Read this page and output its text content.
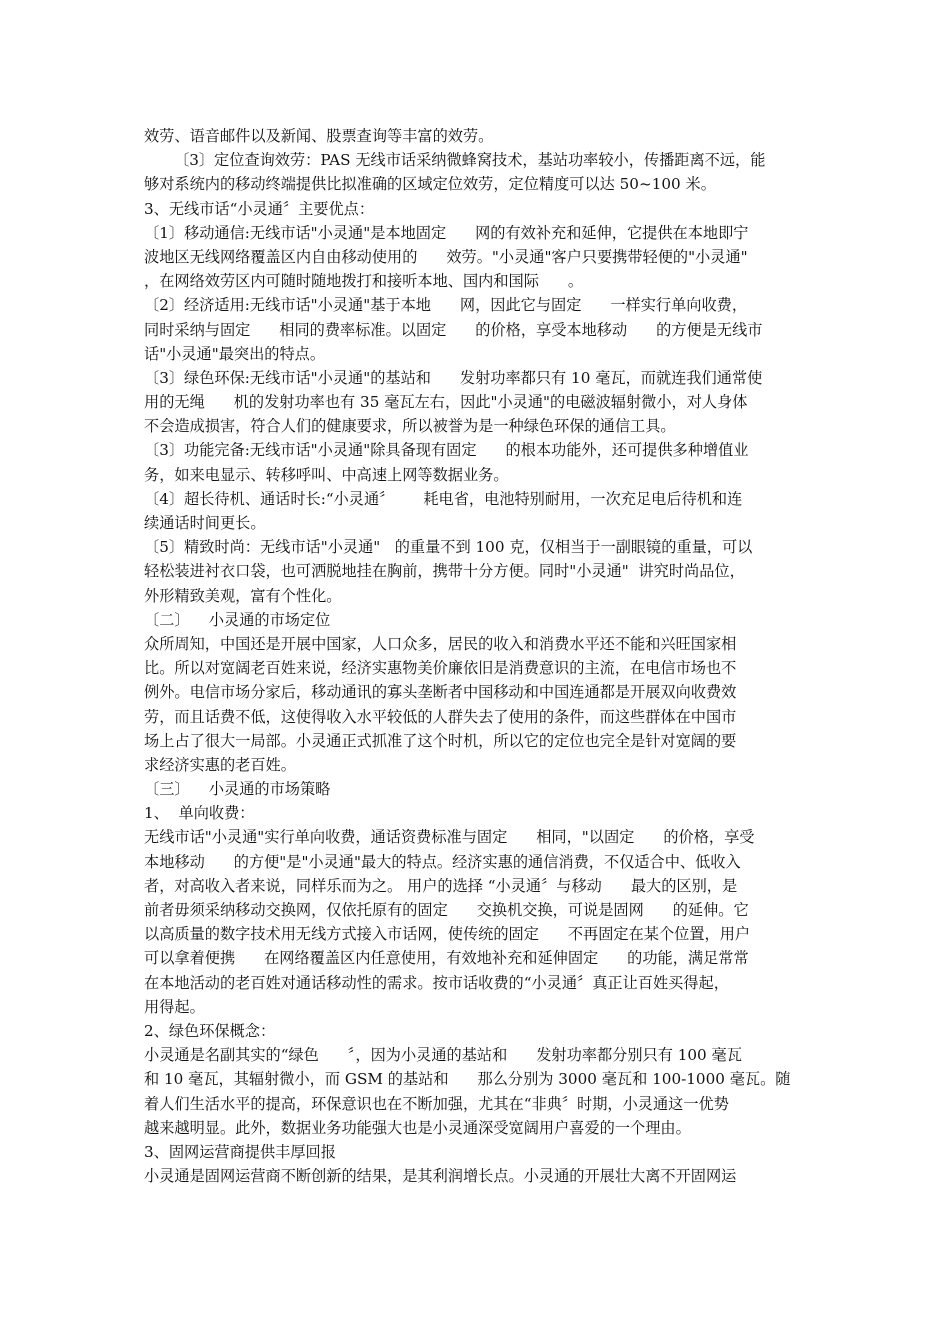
效劳、语音邮件以及新闻、股票查询等丰富的效劳。
〔3〕定位查询效劳：PAS 无线市话采纳微蜂窝技术，基站功率较小，传播距离不远，能
够对系统内的移动终端提供比拟准确的区域定位效劳，定位精度可以达 50~100 米。
3、无线市话“小灵通〞主要优点：
〔1〕移动通信:无线市话"小灵通"是本地固定      网的有效补充和延伸，它提供在本地即宁
波地区无线网络覆盖区内自由移动使用的      效劳。"小灵通"客户只要携带轻便的"小灵通"
，在网络效劳区内可随时随地拨打和接听本地、国内和国际      。
〔2〕经济适用:无线市话"小灵通"基于本地      网，因此它与固定      一样实行单向收费，
同时采纳与固定      相同的费率标准。以固定      的价格，享受本地移动      的方便是无线市
话"小灵通"最突出的特点。
〔3〕绿色环保:无线市话"小灵通"的基站和      发射功率都只有 10 毫瓦，而就连我们通常使
用的无绳      机的发射功率也有 35 毫瓦左右，因此"小灵通"的电磁波辐射微小，对人身体
不会造成损害，符合人们的健康要求，所以被誉为是一种绿色环保的通信工具。
〔3〕功能完备:无线市话"小灵通"除具备现有固定      的根本功能外，还可提供多种增值业
务，如来电显示、转移呼叫、中高速上网等数据业务。
〔4〕超长待机、通话时长:“小灵通〞      耗电省，电池特别耐用，一次充足电后待机和连
续通话时间更长。
〔5〕精致时尚：无线市话"小灵通"   的重量不到 100 克，仅相当于一副眼镜的重量，可以
轻松装进衬衣口袋，也可洒脱地挂在胸前，携带十分方便。同时"小灵通"  讲究时尚品位，
外形精致美观，富有个性化。
〔二〕    小灵通的市场定位
众所周知，中国还是开展中国家，人口众多，居民的收入和消费水平还不能和兴旺国家相
比。所以对宽阔老百姓来说，经济实惠物美价廉依旧是消费意识的主流，在电信市场也不
例外。电信市场分家后，移动通讯的寡头垄断者中国移动和中国连通都是开展双向收费效
劳，而且话费不低，这使得收入水平较低的人群失去了使用的条件，而这些群体在中国市
场上占了很大一局部。小灵通正式抓准了这个时机，所以它的定位也完全是针对宽阔的要
求经济实惠的老百姓。
〔三〕    小灵通的市场策略
1、  单向收费：
无线市话"小灵通"实行单向收费，通话资费标准与固定      相同，"以固定      的价格，享受
本地移动      的方便"是"小灵通"最大的特点。经济实惠的通信消费，不仅适合中、低收入
者，对高收入者来说，同样乐而为之。 用户的选择 “小灵通〞与移动      最大的区别，是
前者毋须采纳移动交换网，仅依托原有的固定      交换机交换，可说是固网      的延伸。它
以高质量的数字技术用无线方式接入市话网，使传统的固定      不再固定在某个位置，用户
可以拿着便携      在网络覆盖区内任意使用，有效地补充和延伸固定      的功能，满足常常
在本地活动的老百姓对通话移动性的需求。按市话收费的“小灵通〞真正让百姓买得起，
用得起。
2、绿色环保概念：
小灵通是名副其实的“绿色      〞，因为小灵通的基站和      发射功率都分别只有 100 毫瓦
和 10 毫瓦，其辐射微小，而 GSM 的基站和      那么分别为 3000 毫瓦和 100-1000 毫瓦。随
着人们生活水平的提高，环保意识也在不断加强，尤其在“非典〞时期，小灵通这一优势
越来越明显。此外，数据业务功能强大也是小灵通深受宽阔用户喜爱的一个理由。
3、固网运营商提供丰厚回报
小灵通是固网运营商不断创新的结果，是其利润增长点。小灵通的开展壮大离不开固网运
